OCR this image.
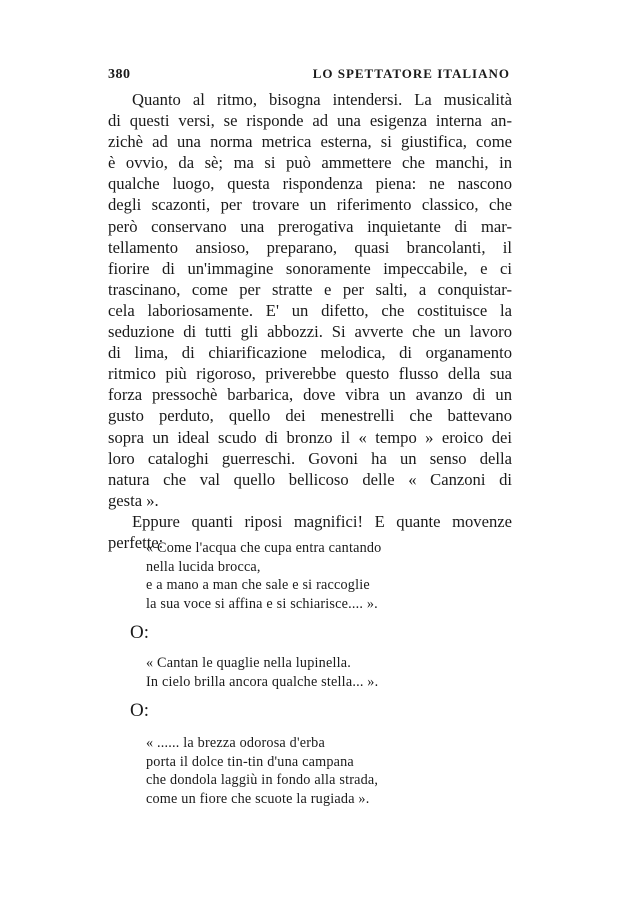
380	LO SPETTATORE ITALIANO
Quanto al ritmo, bisogna intendersi. La musicalità
di questi versi, se risponde ad una esigenza interna an-
zichè ad una norma metrica esterna, si giustifica, come
è ovvio, da sè; ma si può ammettere che manchi, in
qualche luogo, questa rispondenza piena: ne nascono
degli scazonti, per trovare un riferimento classico, che
però conservano una prerogativa inquietante di mar-
tellamento ansioso, preparano, quasi brancolanti, il
fiorire di un'immagine sonoramente impeccabile, e ci
trascinano, come per stratte e per salti, a conquistar-
cela laboriosamente. E' un difetto, che costituisce la
seduzione di tutti gli abbozzi. Si avverte che un lavoro
di lima, di chiarificazione melodica, di organamento
ritmico più rigoroso, priverebbe questo flusso della sua
forza pressochè barbarica, dove vibra un avanzo di un
gusto perduto, quello dei menestrelli che battevano
sopra un ideal scudo di bronzo il « tempo » eroico dei
loro cataloghi guerreschi. Govoni ha un senso della
natura che val quello bellicoso delle « Canzoni di
gesta ».
Eppure quanti riposi magnifici! E quante movenze
perfette:
« Come l'acqua che cupa entra cantando
nella lucida brocca,
e a mano a man che sale e si raccoglie
la sua voce si affina e si schiarisce.... ».
O:
« Cantan le quaglie nella lupinella.
In cielo brilla ancora qualche stella... ».
O:
« ...... la brezza odorosa d'erba
porta il dolce tin-tin d'una campana
che dondola laggiù in fondo alla strada,
come un fiore che scuote la rugiada ».
